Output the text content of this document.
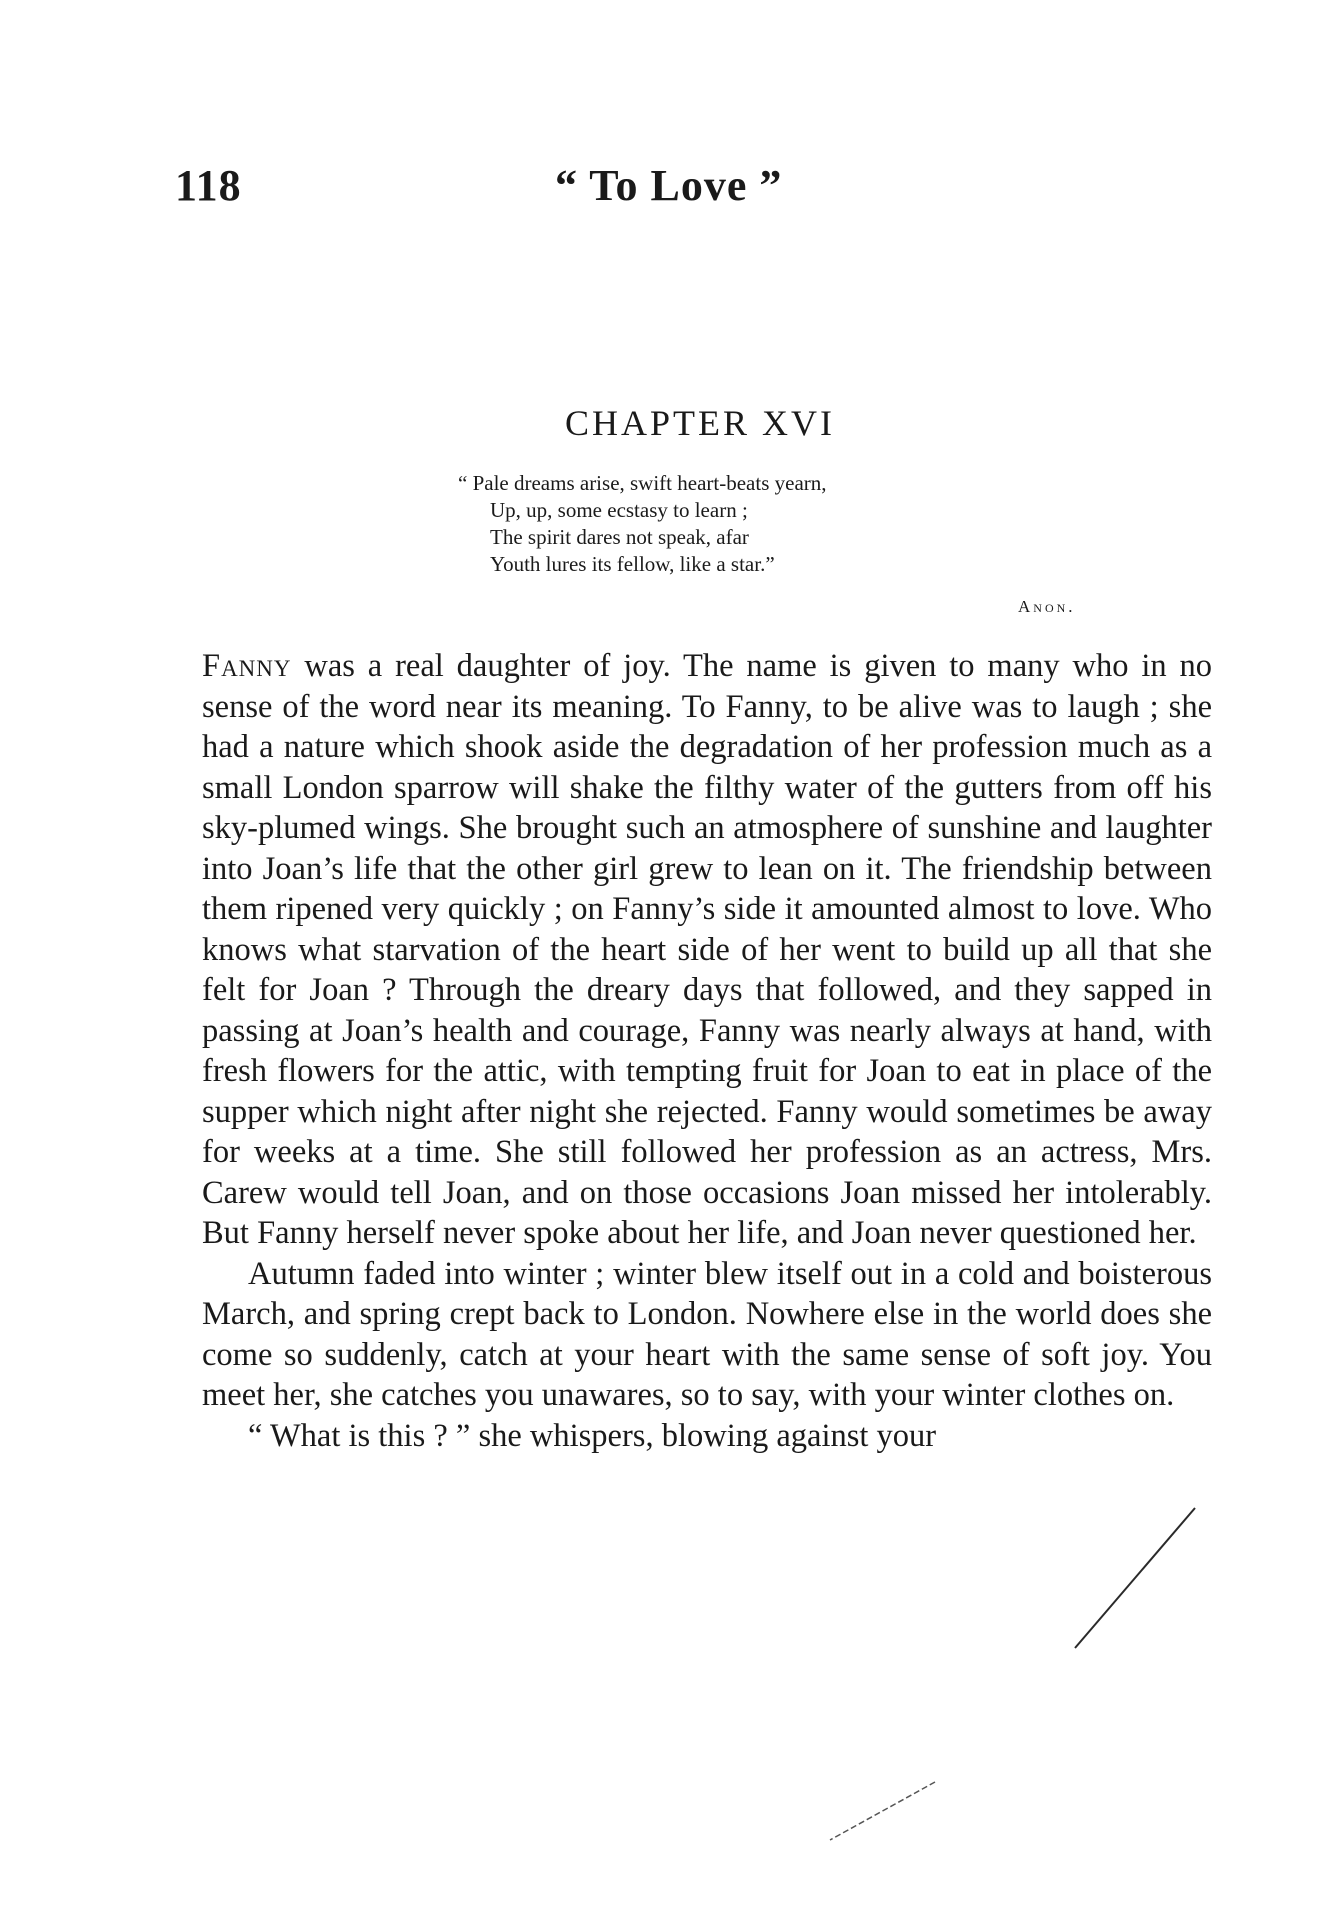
118	“ To Love ”
CHAPTER XVI
“ Pale dreams arise, swift heart-beats yearn,
Up, up, some ecstasy to learn ;
The spirit dares not speak, afar
Youth lures its fellow, like a star.”
Anon.

Fanny was a real daughter of joy. The name is given to many who in no sense of the word near its meaning. To Fanny, to be alive was to laugh ; she had a nature which shook aside the degradation of her profession much as a small London sparrow will shake the filthy water of the gutters from off his sky-plumed wings. She brought such an atmosphere of sunshine and laughter into Joan’s life that the other girl grew to lean on it. The friendship between them ripened very quickly ; on Fanny’s side it amounted almost to love. Who knows what starvation of the heart side of her went to build up all that she felt for Joan ? Through the dreary days that followed, and they sapped in passing at Joan’s health and courage, Fanny was nearly always at hand, with fresh flowers for the attic, with tempting fruit for Joan to eat in place of the supper which night after night she rejected. Fanny would sometimes be away for weeks at a time. She still followed her profession as an actress, Mrs. Carew would tell Joan, and on those occasions Joan missed her intolerably. But Fanny herself never spoke about her life, and Joan never questioned her.

Autumn faded into winter ; winter blew itself out in a cold and boisterous March, and spring crept back to London. Nowhere else in the world does she come so suddenly, catch at your heart with the same sense of soft joy. You meet her, she catches you unawares, so to say, with your winter clothes on.

“ What is this ? ” she whispers, blowing against your
